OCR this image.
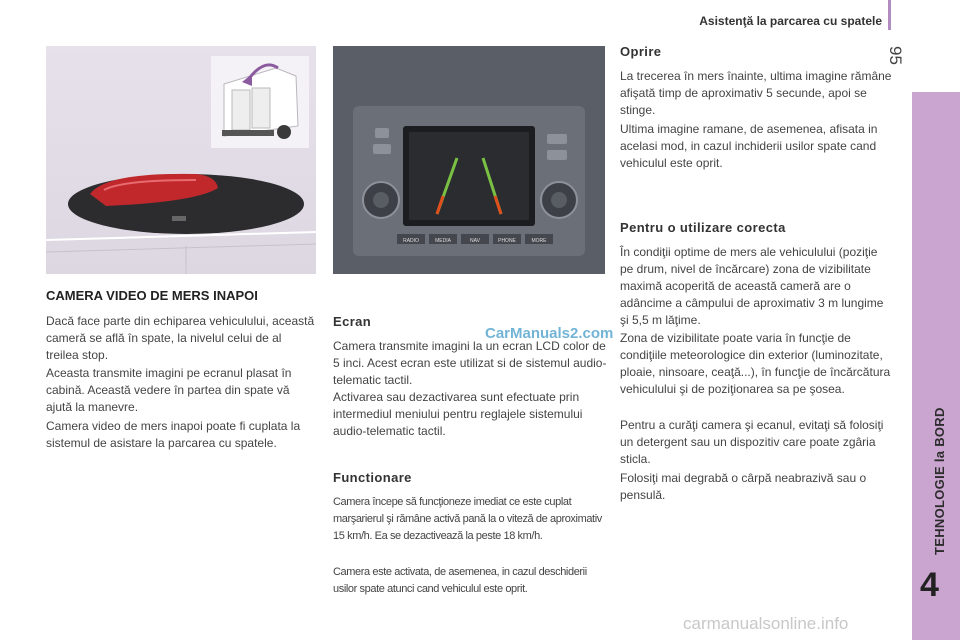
Asistenţă la parcarea cu spatele
95
TEHNOLOGIE la BORD
4
RADIO	MEDIA	NAV	PHONE	MORE
CAMERA VIDEO DE MERS INAPOI
Dacă face parte din echiparea vehiculului, această cameră se află în spate, la nivelul celui de al treilea stop.
Aceasta transmite imagini pe ecranul plasat în cabină. Această vedere în partea din spate vă ajută la manevre.
Camera video de mers inapoi poate fi cuplata la sistemul de asistare la parcarea cu spatele.
Ecran
CarManuals2.com
Camera transmite imagini la un ecran LCD color de 5 inci. Acest ecran este utilizat si de sistemul audio-telematic tactil.
Activarea sau dezactivarea sunt efectuate prin intermediul meniului pentru reglajele sistemului audio-telematic tactil.
Functionare
Camera începe să funcţioneze imediat ce este cuplat marşarierul şi rămâne activă pană la o viteză de aproximativ 15 km/h. Ea se dezactivează la peste 18 km/h.
Camera este activata, de asemenea, in cazul deschiderii usilor spate atunci cand vehiculul este oprit.
Oprire
La trecerea în mers înainte, ultima imagine rămâne afişată timp de aproximativ 5 secunde, apoi se stinge.
Ultima imagine ramane, de asemenea, afisata in acelasi mod, in cazul inchiderii usilor spate cand vehiculul este oprit.
Pentru o utilizare corecta
În condiţii optime de mers ale vehiculului (poziţie pe drum, nivel de încărcare) zona de vizibilitate maximă acoperită de această cameră are o adâncime a câmpului de aproximativ 3 m lungime şi 5,5 m lăţime.
Zona de vizibilitate poate varia în funcţie de condiţiile meteorologice din exterior (luminozitate, ploaie, ninsoare, ceaţă...), în funcţie de încărcătura vehiculului şi de poziţionarea sa pe şosea.
Pentru a curăţi camera şi ecanul, evitaţi să folosiţi un detergent sau un dispozitiv care poate zgâria sticla.
Folosiţi mai degrabă o cârpă neabrazivă sau o pensulă.
carmanualsonline.info
